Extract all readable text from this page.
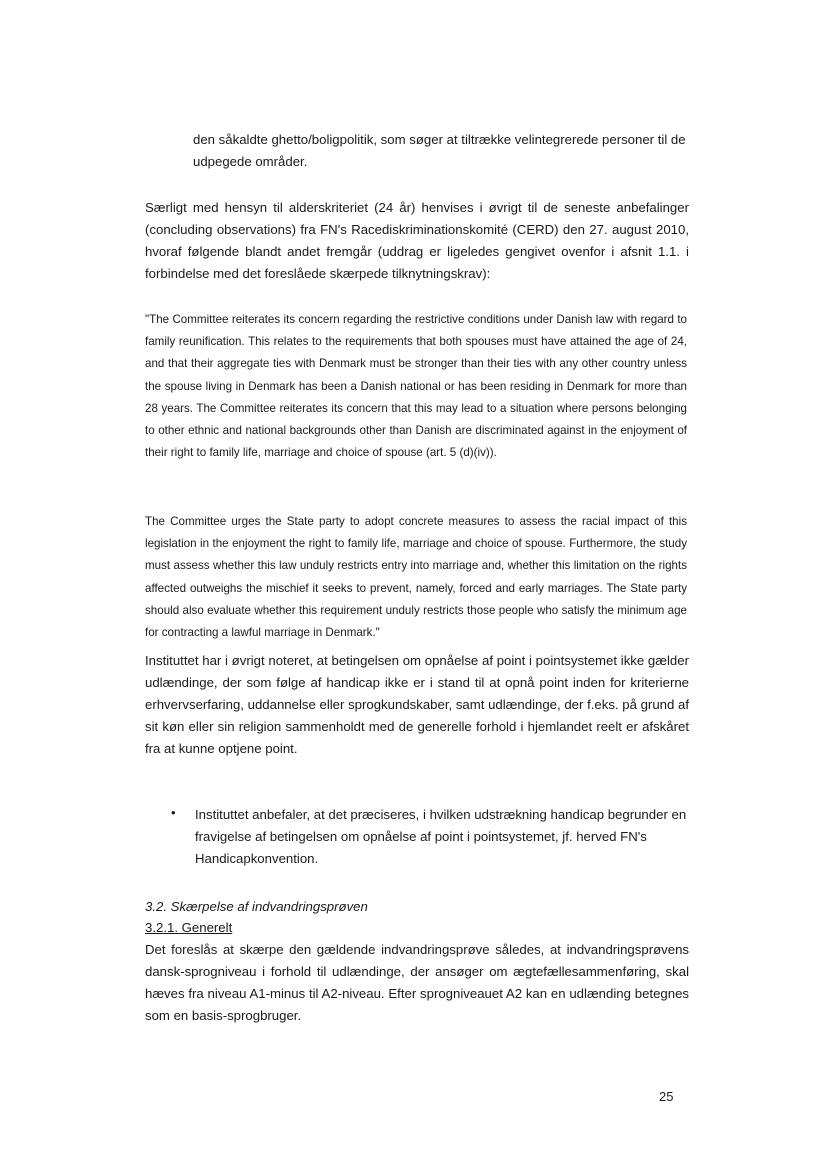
den såkaldte ghetto/boligpolitik, som søger at tiltrække velintegrerede personer til de udpegede områder.

Særligt med hensyn til alderskriteriet (24 år) henvises i øvrigt til de seneste anbefalinger (concluding observations) fra FN's Racediskriminationskomité (CERD) den 27. august 2010, hvoraf følgende blandt andet fremgår (uddrag er ligeledes gengivet ovenfor i afsnit 1.1. i forbindelse med det foreslåede skærpede tilknytningskrav):

"The Committee reiterates its concern regarding the restrictive conditions under Danish law with regard to family reunification. This relates to the requirements that both spouses must have attained the age of 24, and that their aggregate ties with Denmark must be stronger than their ties with any other country unless the spouse living in Denmark has been a Danish national or has been residing in Denmark for more than 28 years. The Committee reiterates its concern that this may lead to a situation where persons belonging to other ethnic and national backgrounds other than Danish are discriminated against in the enjoyment of their right to family life, marriage and choice of spouse (art. 5 (d)(iv)).

The Committee urges the State party to adopt concrete measures to assess the racial impact of this legislation in the enjoyment the right to family life, marriage and choice of spouse. Furthermore, the study must assess whether this law unduly restricts entry into marriage and, whether this limitation on the rights affected outweighs the mischief it seeks to prevent, namely, forced and early marriages. The State party should also evaluate whether this requirement unduly restricts those people who satisfy the minimum age for contracting a lawful marriage in Denmark."

Instituttet har i øvrigt noteret, at betingelsen om opnåelse af point i pointsystemet ikke gælder udlændinge, der som følge af handicap ikke er i stand til at opnå point inden for kriterierne erhvervserfaring, uddannelse eller sprogkundskaber, samt udlændinge, der f.eks. på grund af sit køn eller sin religion sammenholdt med de generelle forhold i hjemlandet reelt er afskåret fra at kunne optjene point.

• Instituttet anbefaler, at det præciseres, i hvilken udstrækning handicap begrunder en fravigelse af betingelsen om opnåelse af point i pointsystemet, jf. herved FN's Handicapkonvention.

3.2. Skærpelse af indvandringsprøven

3.2.1. Generelt

Det foreslås at skærpe den gældende indvandringsprøve således, at indvandringsprøvens dansk-sprogniveau i forhold til udlændinge, der ansøger om ægtefællesammenføring, skal hæves fra niveau A1-minus til A2-niveau. Efter sprogniveauet A2 kan en udlænding betegnes som en basis-sprogbruger.

25
